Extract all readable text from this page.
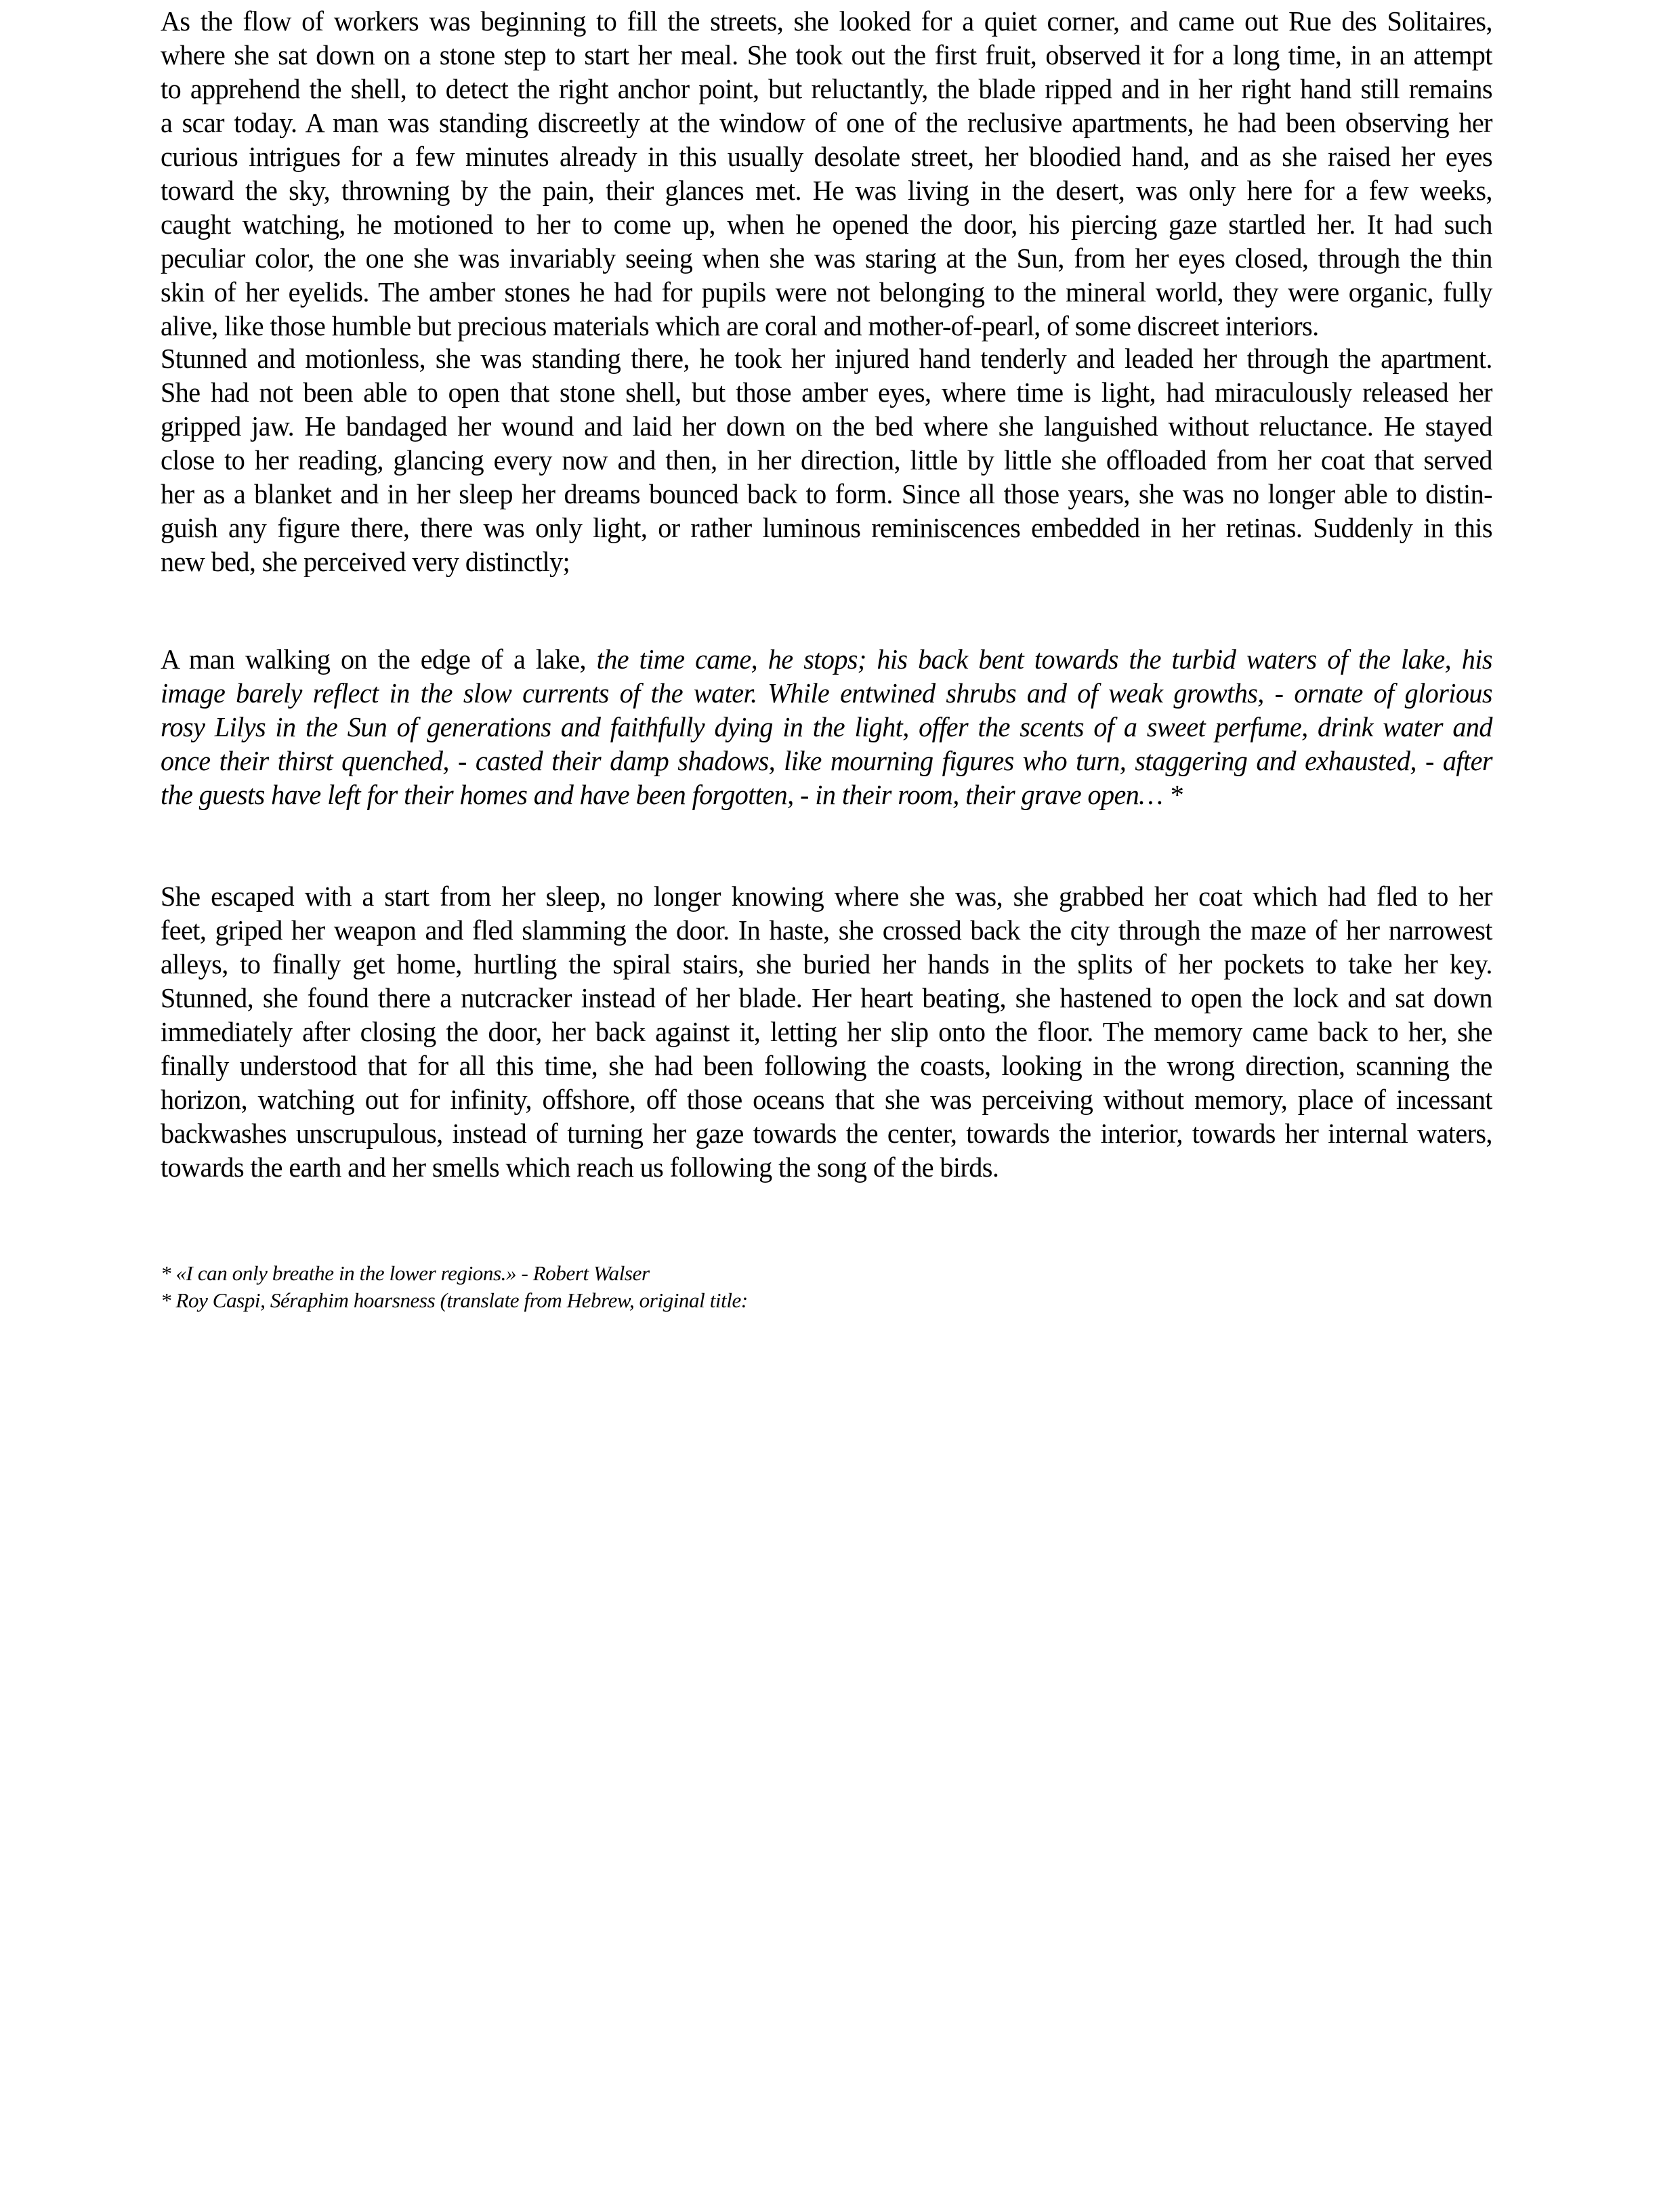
As the flow of workers was beginning to fill the streets, she looked for a quiet corner, and came out Rue des Solitaires,
where she sat down on a stone step to start her meal. She took out the first fruit, observed it for a long time, in an attempt
to apprehend the shell, to detect the right anchor point, but reluctantly, the blade ripped and in her right hand still remains
a scar today. A man was standing discreetly at the window of one of the reclusive apartments, he had been observing her
curious intrigues for a few minutes already in this usually desolate street, her bloodied hand, and as she raised her eyes
toward the sky, throwning by the pain, their glances met. He was living in the desert, was only here for a few weeks,
caught watching, he motioned to her to come up, when he opened the door, his piercing gaze startled her. It had such
peculiar color, the one she was invariably seeing when she was staring at the Sun, from her eyes closed, through the thin
skin of her eyelids. The amber stones he had for pupils were not belonging to the mineral world, they were organic, fully
alive, like those humble but precious materials which are coral and mother-of-pearl, of some discreet interiors.
Stunned and motionless, she was standing there, he took her injured hand tenderly and leaded her through the apartment.
She had not been able to open that stone shell, but those amber eyes, where time is light, had miraculously released her
gripped jaw. He bandaged her wound and laid her down on the bed where she languished without reluctance. He stayed
close to her reading, glancing every now and then, in her direction, little by little she offloaded from her coat that served
her as a blanket and in her sleep her dreams bounced back to form. Since all those years, she was no longer able to distin-
guish any figure there, there was only light, or rather luminous reminiscences embedded in her retinas. Suddenly in this
new bed, she perceived very distinctly;
A man walking on the edge of a lake, the time came, he stops; his back bent towards the turbid waters of the lake, his
image barely reflect in the slow currents of the water. While entwined shrubs and of weak growths, - ornate of glorious
rosy Lilys in the Sun of generations and faithfully dying in the light, offer the scents of a sweet perfume, drink water and
once their thirst quenched, - casted their damp shadows, like mourning figures who turn, staggering and exhausted, - after
the guests have left for their homes and have been forgotten, - in their room, their grave open… *
She escaped with a start from her sleep, no longer knowing where she was, she grabbed her coat which had fled to her
feet, griped her weapon and fled slamming the door. In haste, she crossed back the city through the maze of her narrowest
alleys, to finally get home, hurtling the spiral stairs, she buried her hands in the splits of her pockets to take her key.
Stunned, she found there a nutcracker instead of her blade. Her heart beating, she hastened to open the lock and sat down
immediately after closing the door, her back against it, letting her slip onto the floor. The memory came back to her, she
finally understood that for all this time, she had been following the coasts, looking in the wrong direction, scanning the
horizon, watching out for infinity, offshore, off those oceans that she was perceiving without memory, place of incessant
backwashes unscrupulous, instead of turning her gaze towards the center, towards the interior, towards her internal waters,
towards the earth and her smells which reach us following the song of the birds.
* «I can only breathe in the lower regions.» - Robert Walser
* Roy Caspi, Séraphim hoarsness (translate from Hebrew, original title:
